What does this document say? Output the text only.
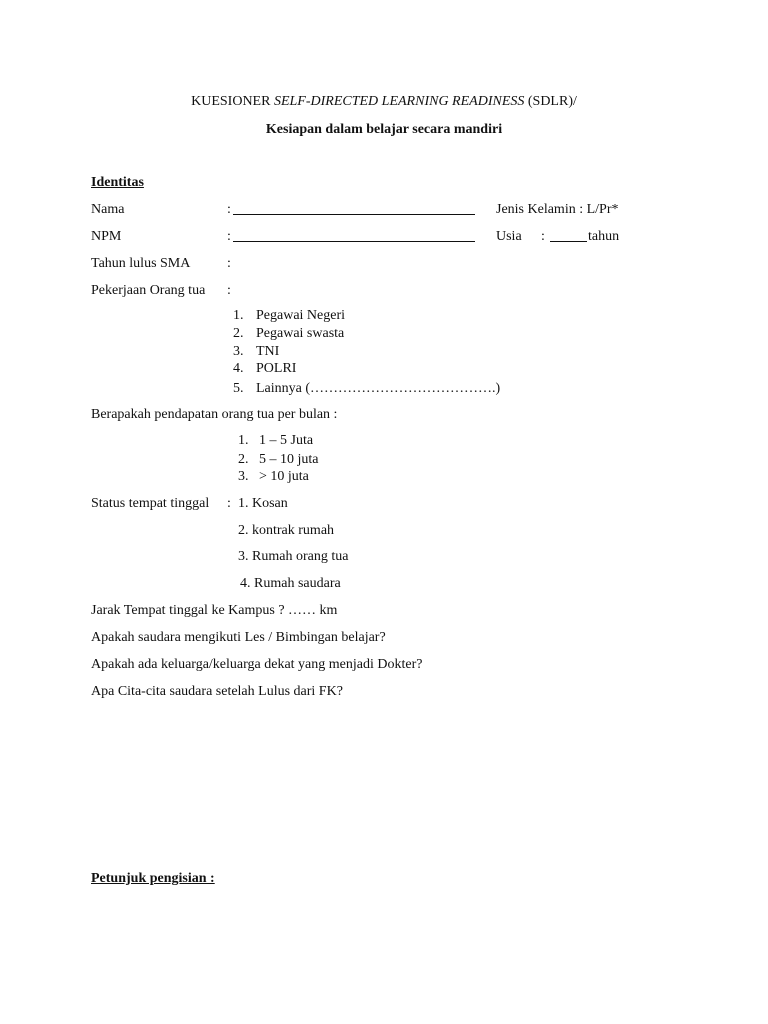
KUESIONER SELF-DIRECTED LEARNING READINESS (SDLR)/
Kesiapan dalam belajar secara mandiri
Identitas
Nama	:	Jenis Kelamin : L/Pr*
NPM	:	Usia :	tahun
Tahun lulus SMA	:
Pekerjaan Orang tua :
1. Pegawai Negeri
2. Pegawai swasta
3. TNI
4. POLRI
5. Lainnya (………………………………….)
Berapakah pendapatan orang tua per bulan :
1. 1 – 5 Juta
2. 5 – 10 juta
3. > 10 juta
Status tempat tinggal : 1. Kosan
2. kontrak rumah
3. Rumah orang tua
4. Rumah saudara
Jarak Tempat tinggal ke Kampus ? …… km
Apakah saudara mengikuti Les / Bimbingan belajar?
Apakah ada keluarga/keluarga dekat yang menjadi Dokter?
Apa Cita-cita saudara setelah Lulus dari FK?
Petunjuk pengisian :
